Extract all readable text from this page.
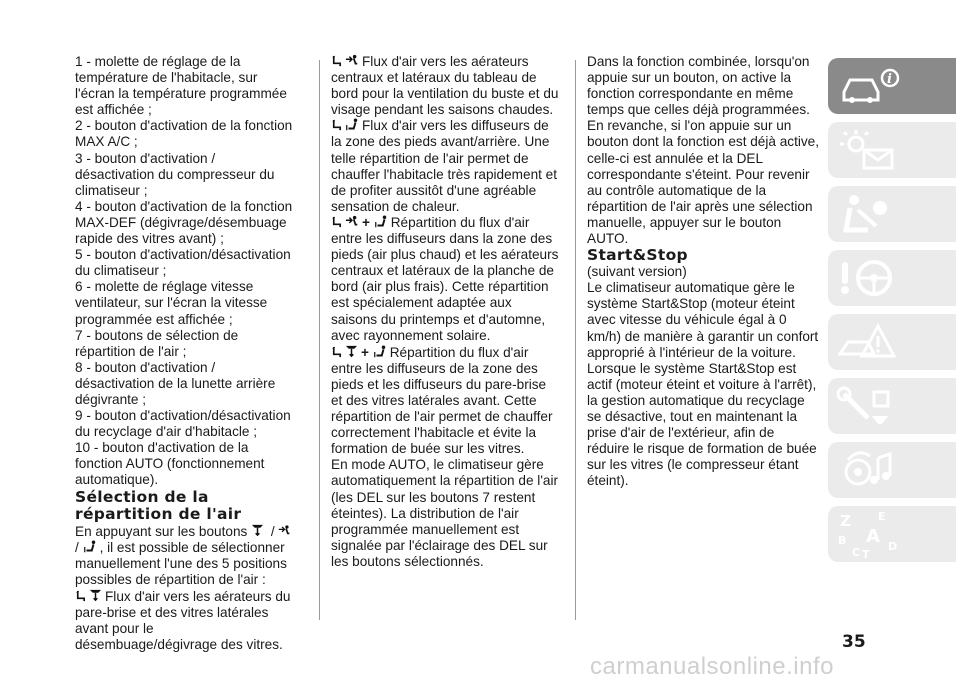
1 - molette de réglage de la température de l'habitacle, sur l'écran la température programmée est affichée ;

2 - bouton d'activation de la fonction MAX A/C ;

3 - bouton d'activation / désactivation du compresseur du climatiseur ;

4 - bouton d'activation de la fonction MAX-DEF (dégivrage/désembuage rapide des vitres avant) ;

5 - bouton d'activation/désactivation du climatiseur ;

6 - molette de réglage vitesse ventilateur, sur l'écran la vitesse programmée est affichée ;

7 - boutons de sélection de répartition de l'air ;

8 - bouton d'activation / désactivation de la lunette arrière dégivrante ;

9 - bouton d'activation/désactivation du recyclage d'air d'habitacle ;

10 - bouton d'activation de la fonction AUTO (fonctionnement automatique).

Sélection de la répartition de l'air

En appuyant sur les boutons
/

/ , il est possible de sélectionner manuellement l'une des 5 positions possibles de répartition de l'air :

Flux d'air vers les aérateurs du pare-brise et des vitres latérales avant pour le désembuage/dégivrage des vitres.

Flux d'air vers les aérateurs centraux et latéraux du tableau de bord pour la ventilation du buste et du visage pendant les saisons chaudes.

Flux d'air vers les diffuseurs de la zone des pieds avant/arrière. Une telle répartition de l'air permet de chauffer l'habitacle très rapidement et de profiter aussitôt d'une agréable sensation de chaleur.

+ Répartition du flux d'air entre les diffuseurs dans la zone des pieds (air plus chaud) et les aérateurs centraux et latéraux de la planche de bord (air plus frais). Cette répartition est spécialement adaptée aux saisons du printemps et d'automne, avec rayonnement solaire.

+ Répartition du flux d'air entre les diffuseurs de la zone des pieds et les diffuseurs du pare-brise et des vitres latérales avant. Cette répartition de l'air permet de chauffer correctement l'habitacle et évite la formation de buée sur les vitres.

En mode AUTO, le climatiseur gère automatiquement la répartition de l'air (les DEL sur les boutons 7 restent éteintes). La distribution de l'air programmée manuellement est signalée par l'éclairage des DEL sur les boutons sélectionnés.

Dans la fonction combinée, lorsqu'on appuie sur un bouton, on active la fonction correspondante en même temps que celles déjà programmées. En revanche, si l'on appuie sur un bouton dont la fonction est déjà active, celle-ci est annulée et la DEL correspondante s'éteint. Pour revenir au contrôle automatique de la répartition de l'air après une sélection manuelle, appuyer sur le bouton AUTO.

Start&Stop

(suivant version)

Le climatiseur automatique gère le système Start&Stop (moteur éteint avec vitesse du véhicule égal à 0 km/h) de manière à garantir un confort approprié à l'intérieur de la voiture.

Lorsque le système Start&Stop est actif (moteur éteint et voiture à l'arrêt), la gestion automatique du recyclage se désactive, tout en maintenant la prise d'air de l'extérieur, afin de réduire le risque de formation de buée sur les vitres (le compresseur étant éteint).

i
Z E
B A
C T
D
35
carmanualsonline.info
